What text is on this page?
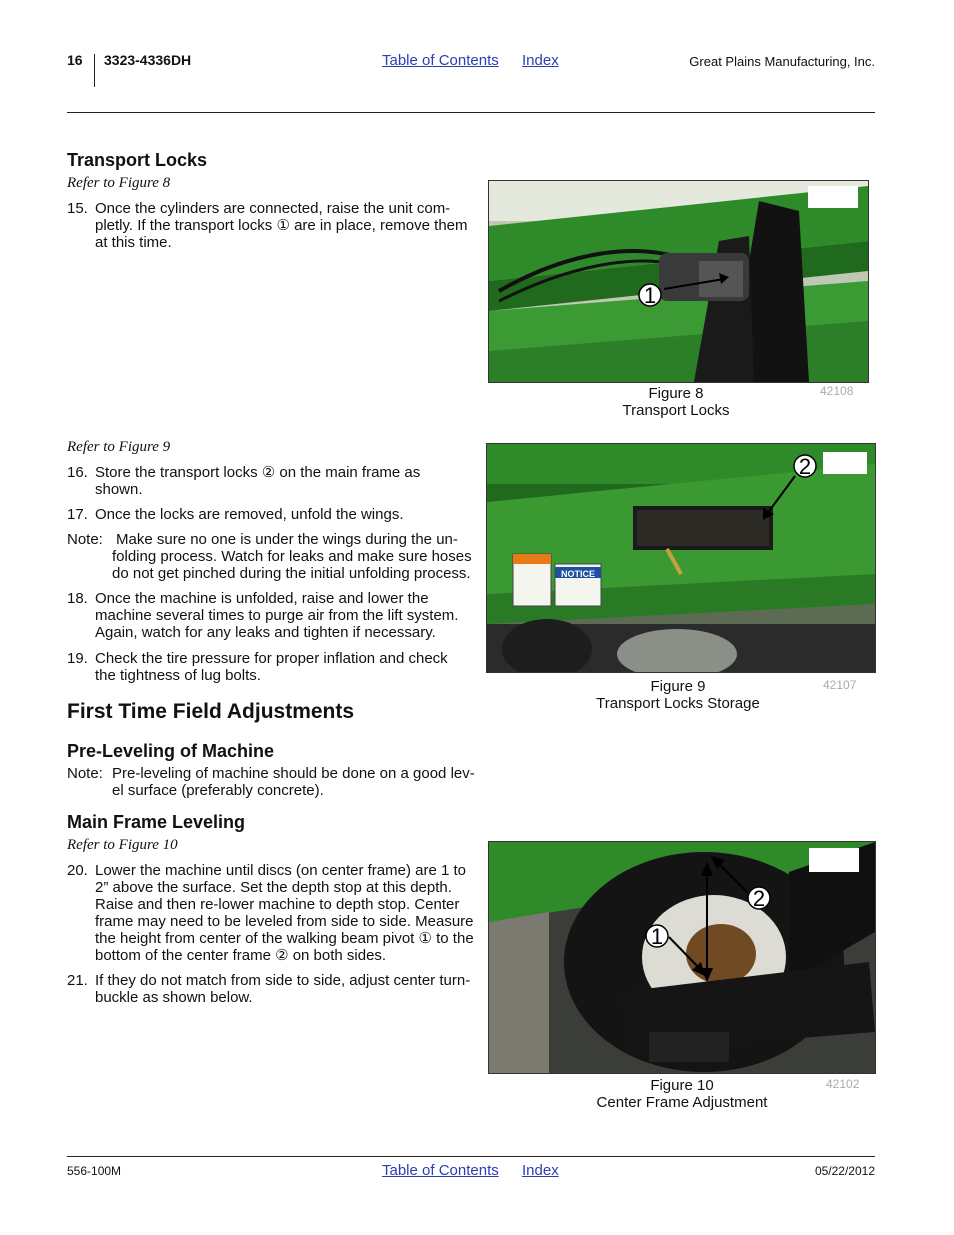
16 3323-4336DH	Table of Contents Index	Great Plains Manufacturing, Inc.
Transport Locks
Refer to Figure 8
15. Once the cylinders are connected, raise the unit com-
pletly. If the transport locks ① are in place, remove them
at this time.
1
Figure 8
Transport Locks
42108
Refer to Figure 9
16. Store the transport locks ② on the main frame as
shown.
17. Once the locks are removed, unfold the wings.
Note: Make sure no one is under the wings during the un-
folding process. Watch for leaks and make sure hoses
do not get pinched during the initial unfolding process.
18. Once the machine is unfolded, raise and lower the
machine several times to purge air from the lift system.
Again, watch for any leaks and tighten if necessary.
19. Check the tire pressure for proper inflation and check
the tightness of lug bolts.
NOTICE
2
Figure 9
Transport Locks Storage
42107
First Time Field Adjustments
Pre-Leveling of Machine
Note: Pre-leveling of machine should be done on a good lev-
el surface (preferably concrete).
Main Frame Leveling
Refer to Figure 10
20. Lower the machine until discs (on center frame) are 1 to
2” above the surface. Set the depth stop at this depth.
Raise and then re-lower machine to depth stop. Center
frame may need to be leveled from side to side. Measure
the height from center of the walking beam pivot ① to the
bottom of the center frame ② on both sides.
21. If they do not match from side to side, adjust center turn-
buckle as shown below.
2
1
Figure 10
Center Frame Adjustment
42102
556-100M	Table of Contents Index	05/22/2012
